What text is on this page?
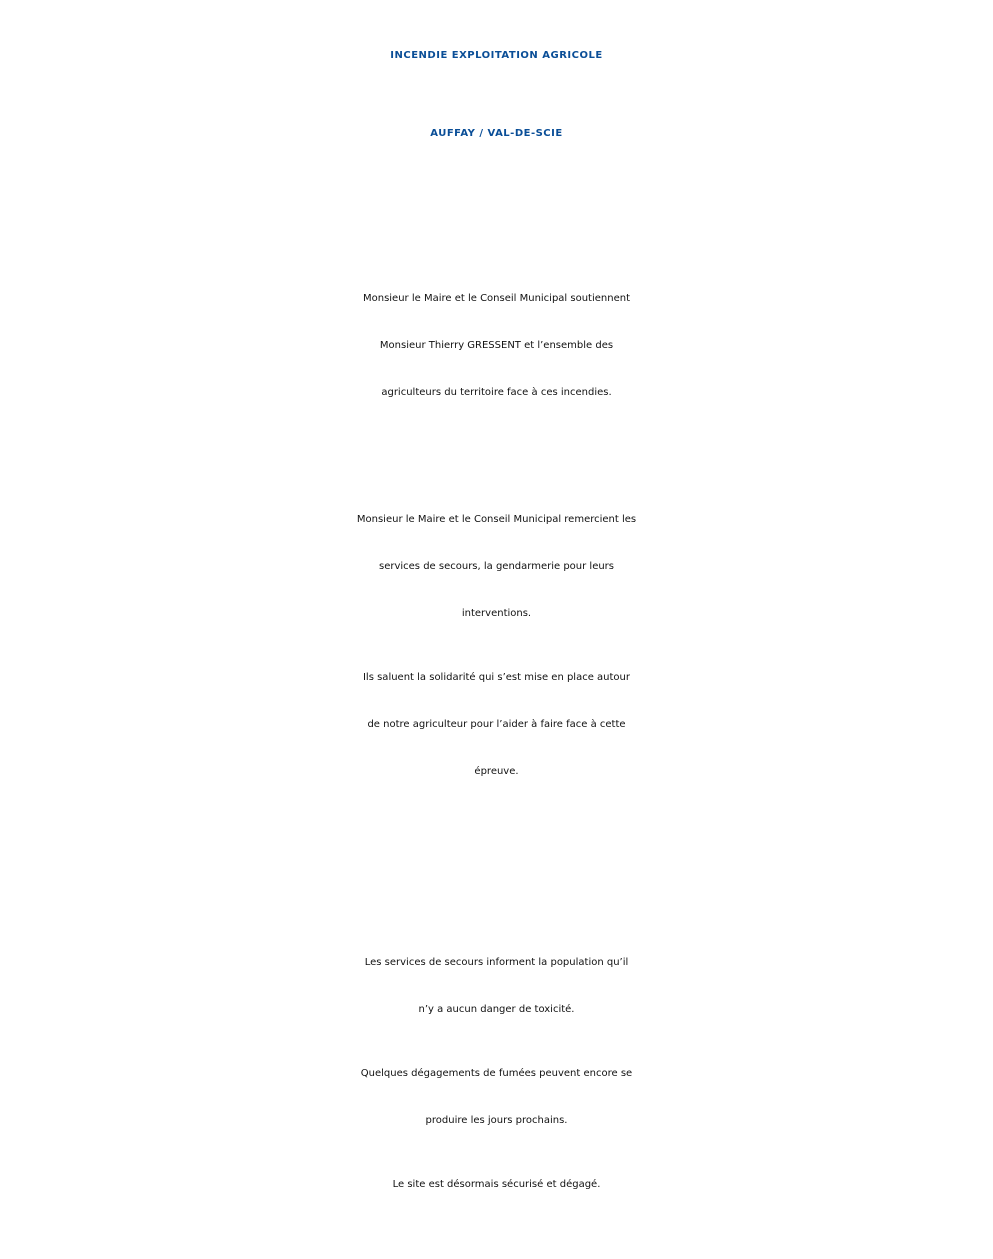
INCENDIE EXPLOITATION AGRICOLE
AUFFAY / VAL-DE-SCIE

Monsieur le Maire et le Conseil Municipal soutiennent
Monsieur Thierry GRESSENT et l’ensemble des
agriculteurs du territoire face à ces incendies.

Monsieur le Maire et le Conseil Municipal remercient les
services de secours, la gendarmerie pour leurs
interventions.

Ils saluent la solidarité qui s’est mise en place autour
de notre agriculteur pour l’aider à faire face à cette
épreuve.

Les services de secours informent la population qu’il
n’y a aucun danger de toxicité.

Quelques dégagements de fumées peuvent encore se
produire les jours prochains.

Le site est désormais sécurisé et dégagé.
